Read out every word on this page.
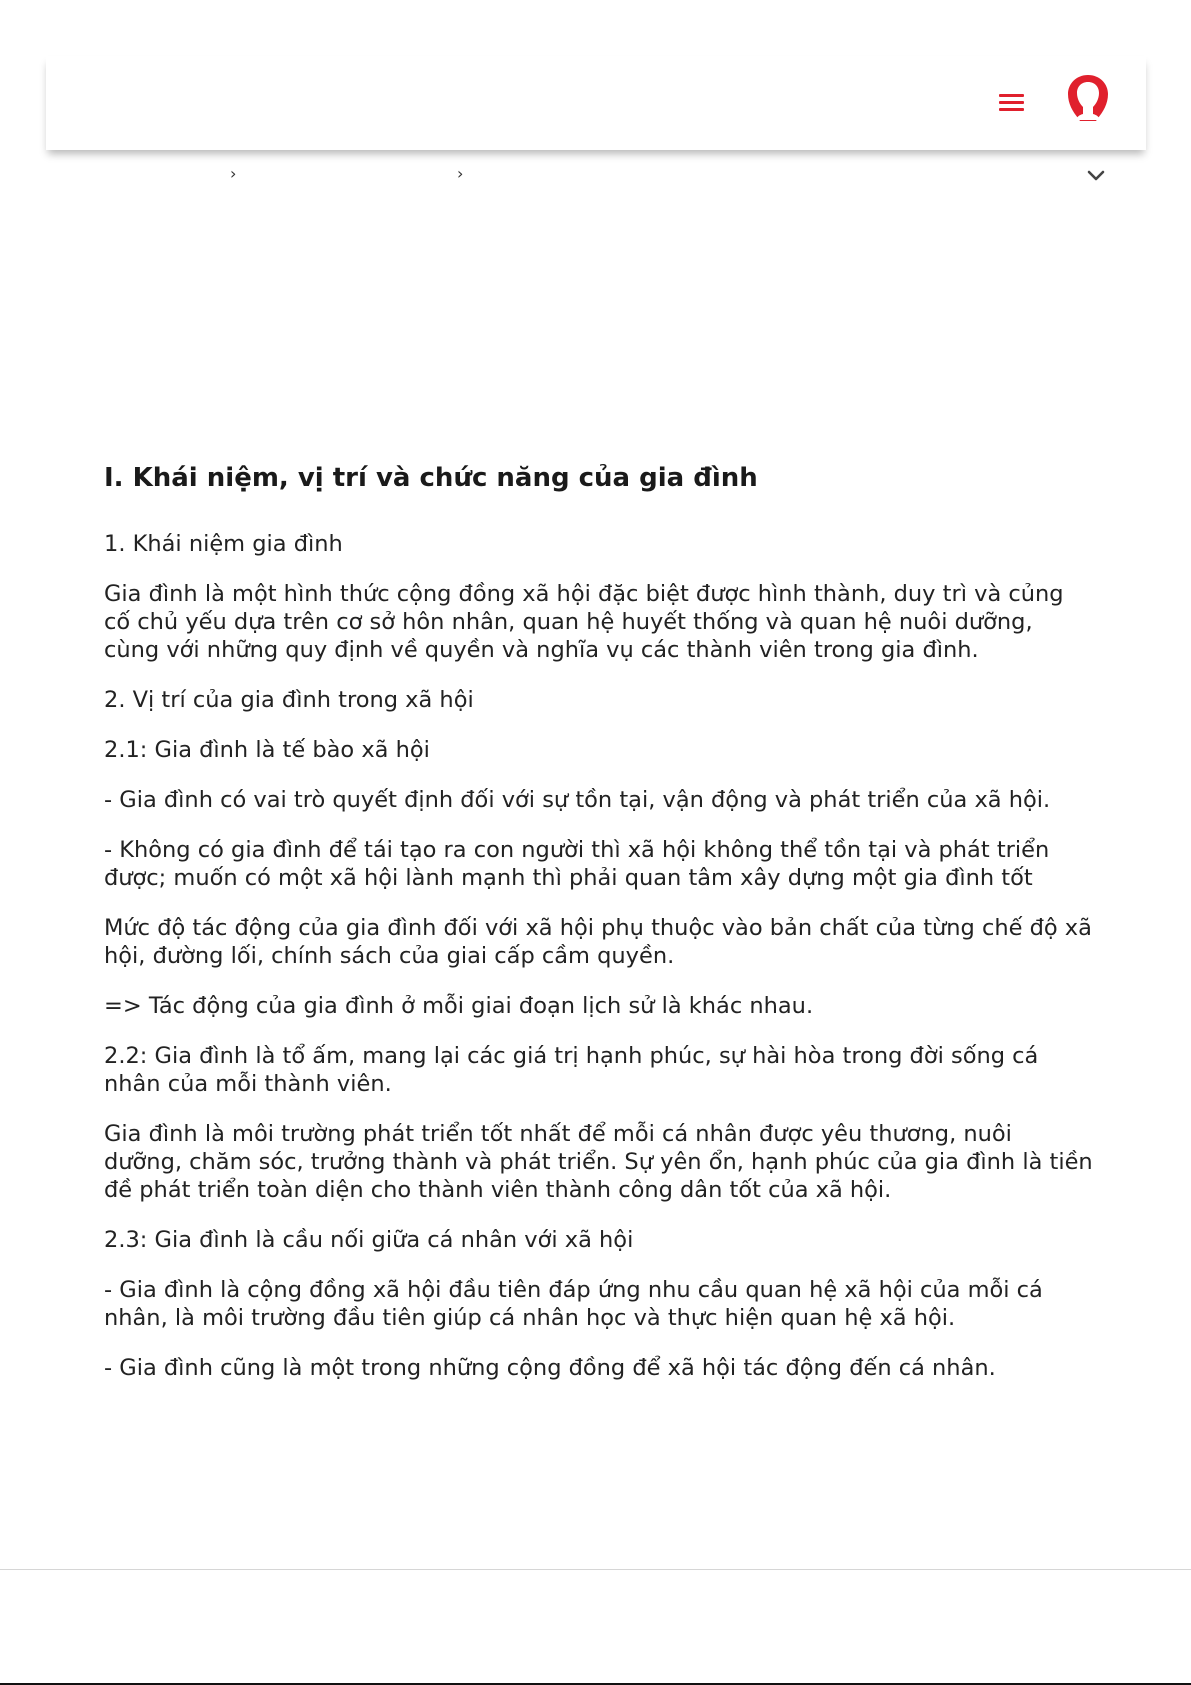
›	›
I. Khái niệm, vị trí và chức năng của gia đình

1. Khái niệm gia đình

Gia đình là một hình thức cộng đồng xã hội đặc biệt được hình thành, duy trì và củng cố chủ yếu dựa trên cơ sở hôn nhân, quan hệ huyết thống và quan hệ nuôi dưỡng, cùng với những quy định về quyền và nghĩa vụ các thành viên trong gia đình.

2. Vị trí của gia đình trong xã hội

2.1: Gia đình là tế bào xã hội

- Gia đình có vai trò quyết định đối với sự tồn tại, vận động và phát triển của xã hội.

- Không có gia đình để tái tạo ra con người thì xã hội không thể tồn tại và phát triển được; muốn có một xã hội lành mạnh thì phải quan tâm xây dựng một gia đình tốt

Mức độ tác động của gia đình đối với xã hội phụ thuộc vào bản chất của từng chế độ xã hội, đường lối, chính sách của giai cấp cầm quyền.

=> Tác động của gia đình ở mỗi giai đoạn lịch sử là khác nhau.

2.2: Gia đình là tổ ấm, mang lại các giá trị hạnh phúc, sự hài hòa trong đời sống cá nhân của mỗi thành viên.

Gia đình là môi trường phát triển tốt nhất để mỗi cá nhân được yêu thương, nuôi dưỡng, chăm sóc, trưởng thành và phát triển. Sự yên ổn, hạnh phúc của gia đình là tiền đề phát triển toàn diện cho thành viên thành công dân tốt của xã hội.

2.3: Gia đình là cầu nối giữa cá nhân với xã hội

- Gia đình là cộng đồng xã hội đầu tiên đáp ứng nhu cầu quan hệ xã hội của mỗi cá nhân, là môi trường đầu tiên giúp cá nhân học và thực hiện quan hệ xã hội.

- Gia đình cũng là một trong những cộng đồng để xã hội tác động đến cá nhân.
